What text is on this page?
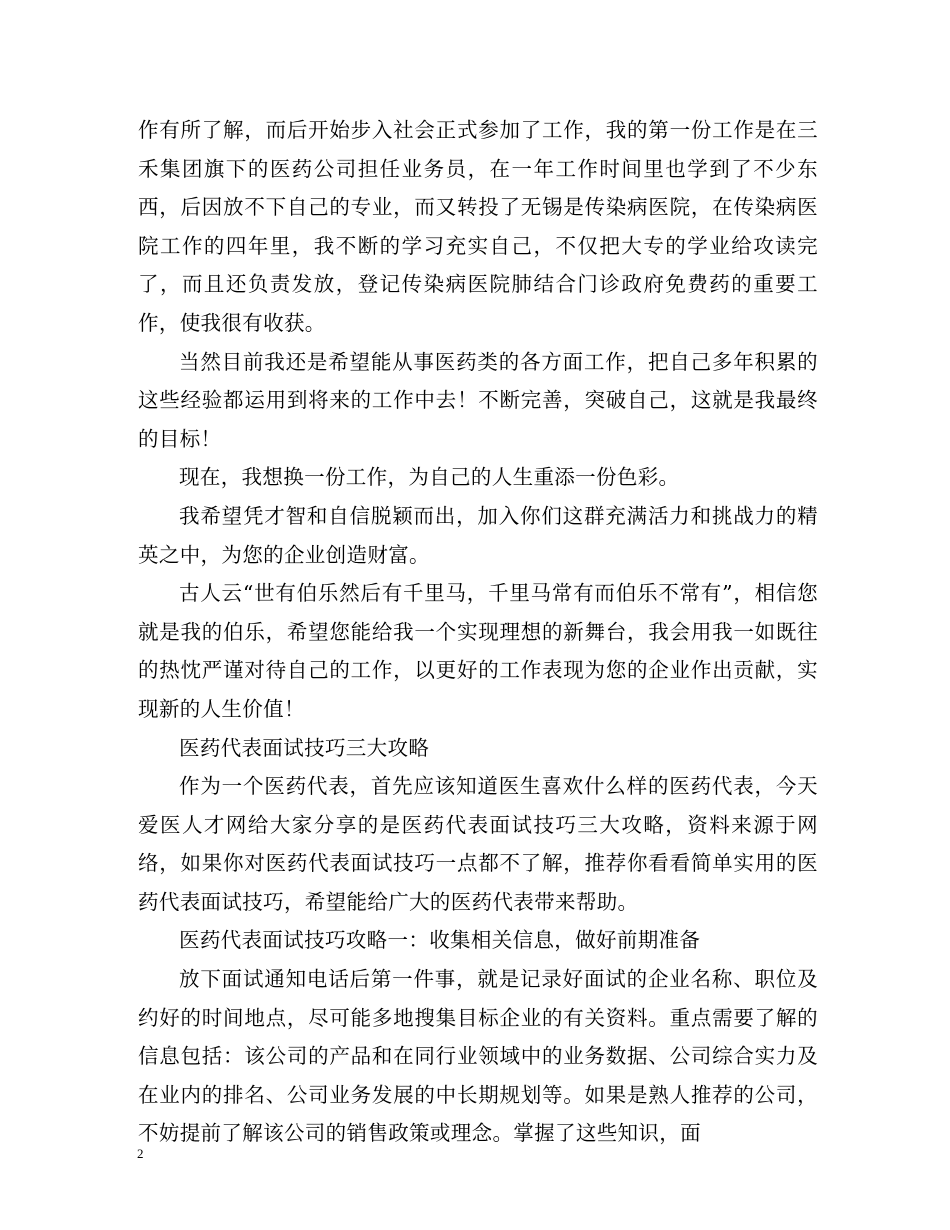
作有所了解，而后开始步入社会正式参加了工作，我的第一份工作是在三禾集团旗下的医药公司担任业务员，在一年工作时间里也学到了不少东西，后因放不下自己的专业，而又转投了无锡是传染病医院，在传染病医院工作的四年里，我不断的学习充实自己，不仅把大专的学业给攻读完了，而且还负责发放，登记传染病医院肺结合门诊政府免费药的重要工作，使我很有收获。

当然目前我还是希望能从事医药类的各方面工作，把自己多年积累的这些经验都运用到将来的工作中去！不断完善，突破自己，这就是我最终的目标！

现在，我想换一份工作，为自己的人生重添一份色彩。

我希望凭才智和自信脱颖而出，加入你们这群充满活力和挑战力的精英之中，为您的企业创造财富。

古人云“世有伯乐然后有千里马，千里马常有而伯乐不常有”，相信您就是我的伯乐，希望您能给我一个实现理想的新舞台，我会用我一如既往的热忱严谨对待自己的工作，以更好的工作表现为您的企业作出贡献，实现新的人生价值！

医药代表面试技巧三大攻略

作为一个医药代表，首先应该知道医生喜欢什么样的医药代表，今天爱医人才网给大家分享的是医药代表面试技巧三大攻略，资料来源于网络，如果你对医药代表面试技巧一点都不了解，推荐你看看简单实用的医药代表面试技巧，希望能给广大的医药代表带来帮助。

医药代表面试技巧攻略一：收集相关信息，做好前期准备

放下面试通知电话后第一件事，就是记录好面试的企业名称、职位及约好的时间地点，尽可能多地搜集目标企业的有关资料。重点需要了解的信息包括：该公司的产品和在同行业领域中的业务数据、公司综合实力及在业内的排名、公司业务发展的中长期规划等。如果是熟人推荐的公司，不妨提前了解该公司的销售政策或理念。掌握了这些知识，面

2
